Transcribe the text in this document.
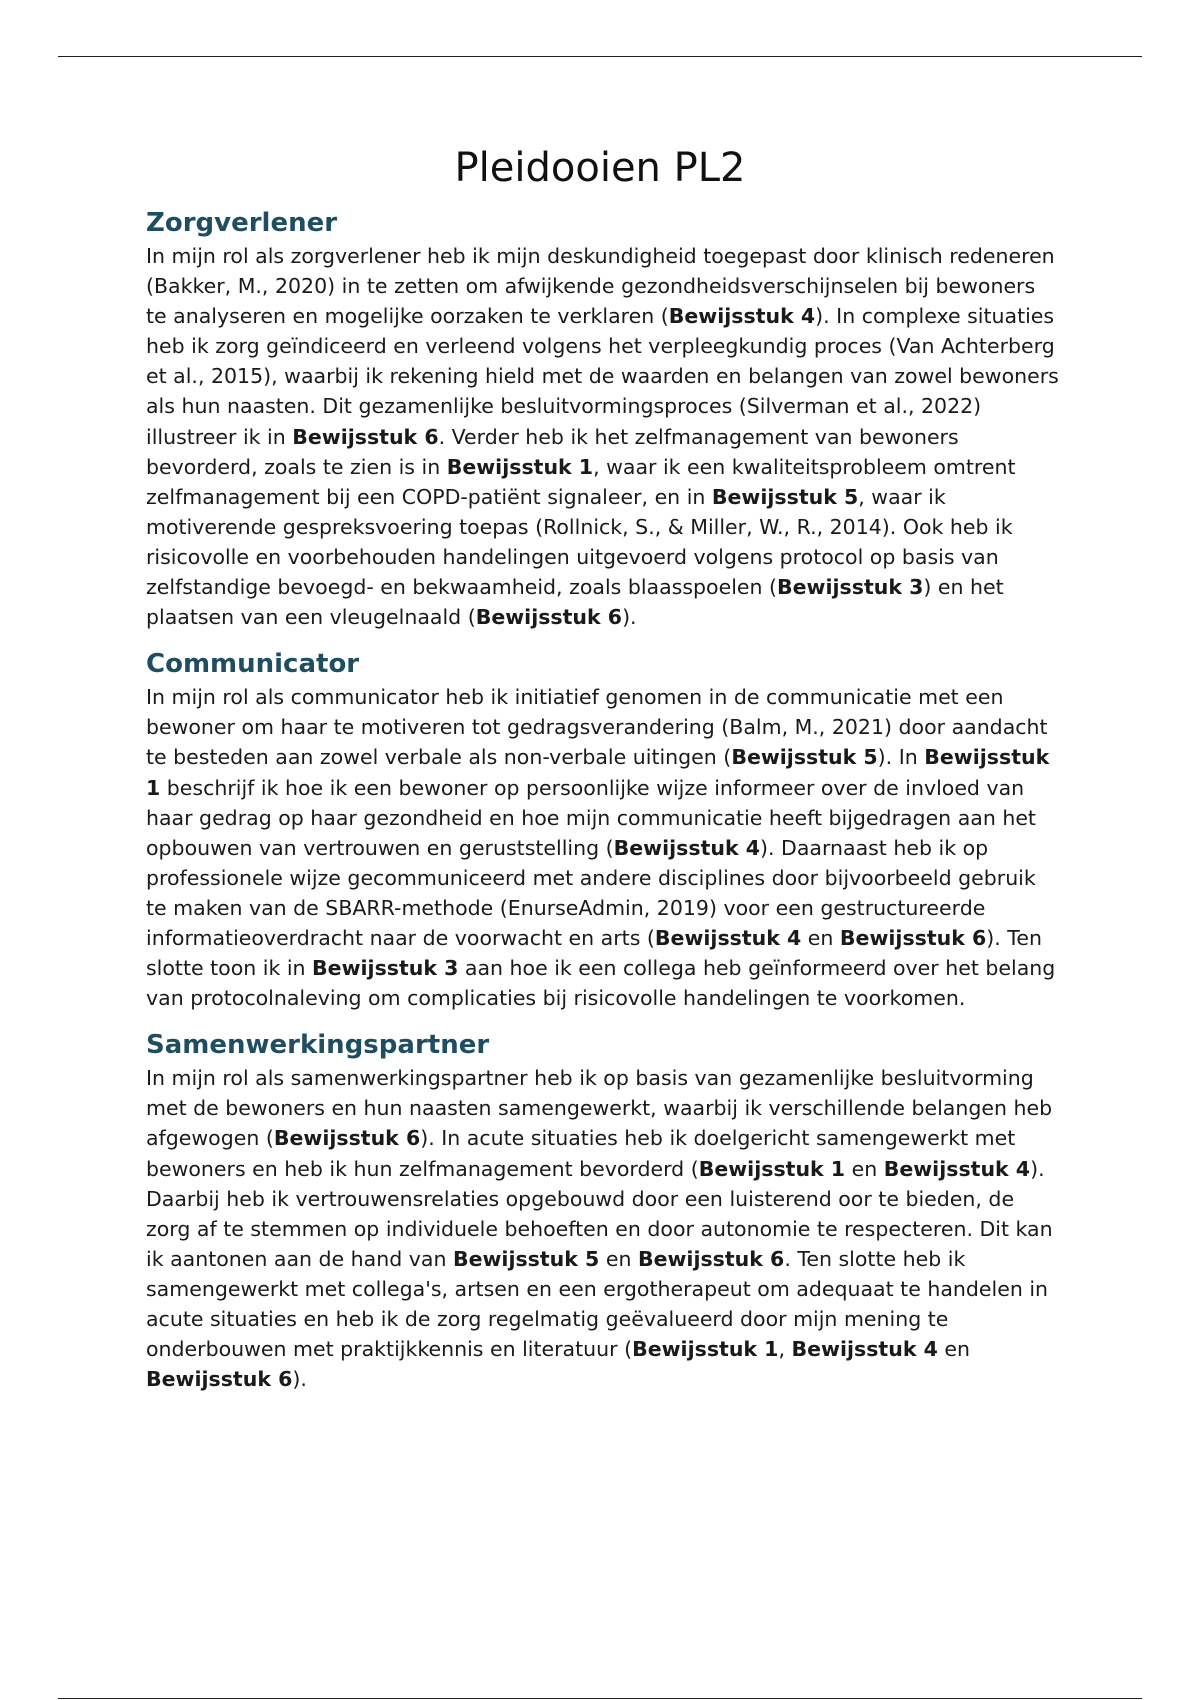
Pleidooien PL2
Zorgverlener

In mijn rol als zorgverlener heb ik mijn deskundigheid toegepast door klinisch redeneren (Bakker, M., 2020) in te zetten om afwijkende gezondheidsverschijnselen bij bewoners te analyseren en mogelijke oorzaken te verklaren (Bewijsstuk 4). In complexe situaties heb ik zorg geïndiceerd en verleend volgens het verpleegkundig proces (Van Achterberg et al., 2015), waarbij ik rekening hield met de waarden en belangen van zowel bewoners als hun naasten. Dit gezamenlijke besluitvormingsproces (Silverman et al., 2022) illustreer ik in Bewijsstuk 6. Verder heb ik het zelfmanagement van bewoners bevorderd, zoals te zien is in Bewijsstuk 1, waar ik een kwaliteitsprobleem omtrent zelfmanagement bij een COPD-patiënt signaleer, en in Bewijsstuk 5, waar ik motiverende gespreksvoering toepas (Rollnick, S., & Miller, W., R., 2014). Ook heb ik risicovolle en voorbehouden handelingen uitgevoerd volgens protocol op basis van zelfstandige bevoegd- en bekwaamheid, zoals blaasspoelen (Bewijsstuk 3) en het plaatsen van een vleugelnaald (Bewijsstuk 6).

Communicator

In mijn rol als communicator heb ik initiatief genomen in de communicatie met een bewoner om haar te motiveren tot gedragsverandering (Balm, M., 2021) door aandacht te besteden aan zowel verbale als non-verbale uitingen (Bewijsstuk 5). In Bewijsstuk 1 beschrijf ik hoe ik een bewoner op persoonlijke wijze informeer over de invloed van haar gedrag op haar gezondheid en hoe mijn communicatie heeft bijgedragen aan het opbouwen van vertrouwen en geruststelling (Bewijsstuk 4). Daarnaast heb ik op professionele wijze gecommuniceerd met andere disciplines door bijvoorbeeld gebruik te maken van de SBARR-methode (EnurseAdmin, 2019) voor een gestructureerde informatieoverdracht naar de voorwacht en arts (Bewijsstuk 4 en Bewijsstuk 6). Ten slotte toon ik in Bewijsstuk 3 aan hoe ik een collega heb geïnformeerd over het belang van protocolnaleving om complicaties bij risicovolle handelingen te voorkomen.

Samenwerkingspartner

In mijn rol als samenwerkingspartner heb ik op basis van gezamenlijke besluitvorming met de bewoners en hun naasten samengewerkt, waarbij ik verschillende belangen heb afgewogen (Bewijsstuk 6). In acute situaties heb ik doelgericht samengewerkt met bewoners en heb ik hun zelfmanagement bevorderd (Bewijsstuk 1 en Bewijsstuk 4). Daarbij heb ik vertrouwensrelaties opgebouwd door een luisterend oor te bieden, de zorg af te stemmen op individuele behoeften en door autonomie te respecteren. Dit kan ik aantonen aan de hand van Bewijsstuk 5 en Bewijsstuk 6. Ten slotte heb ik samengewerkt met collega's, artsen en een ergotherapeut om adequaat te handelen in acute situaties en heb ik de zorg regelmatig geëvalueerd door mijn mening te onderbouwen met praktijkkennis en literatuur (Bewijsstuk 1, Bewijsstuk 4 en Bewijsstuk 6).
